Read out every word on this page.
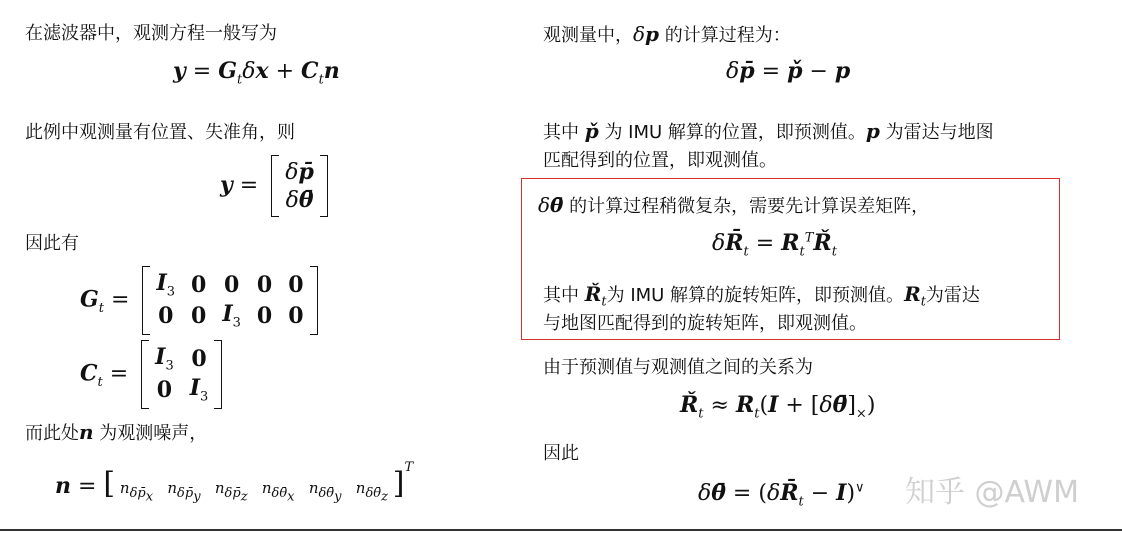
在滤波器中，观测方程一般写为
$y = G_t\delta x + C_tn$
此例中观测量有位置、失准角，则
y =
δp̄
δθ̄
因此有
$G_t$ =
$I_3$ 0 0 0 0
0 0 $I_3$ 0 0
$C_t$ =
$I_3$ 0
0 $I_3$
而此处n 为观测噪声，
n = [ $n_{\delta p̄_x}$   $n_{\delta p̄_y}$   $n_{\delta p̄_z}$   $n_{\delta\thetā_x}$   $n_{\delta\thetā_y}$   $n_{\delta\thetā_z}$ ]$^T$
观测量中，δp 的计算过程为：
δp̄ = p̌ − p
其中 p̌ 为 IMU 解算的位置，即预测值。p 为雷达与地图
匹配得到的位置，即观测值。
δθ̄ 的计算过程稍微复杂，需要先计算误差矩阵，
$\delta R̄_t$ = $R_t^TŘ_t$
其中 $Ř_t$为 IMU 解算的旋转矩阵，即预测值。$R_t$为雷达
与地图匹配得到的旋转矩阵，即观测值。
由于预测值与观测值之间的关系为
$Ř_t \approx R_t(I$ + $[\delta\thetā]_\times$)
因此
δθ̄ = $(\delta R̄_t - I)^\vee$ 知乎 @AWM
